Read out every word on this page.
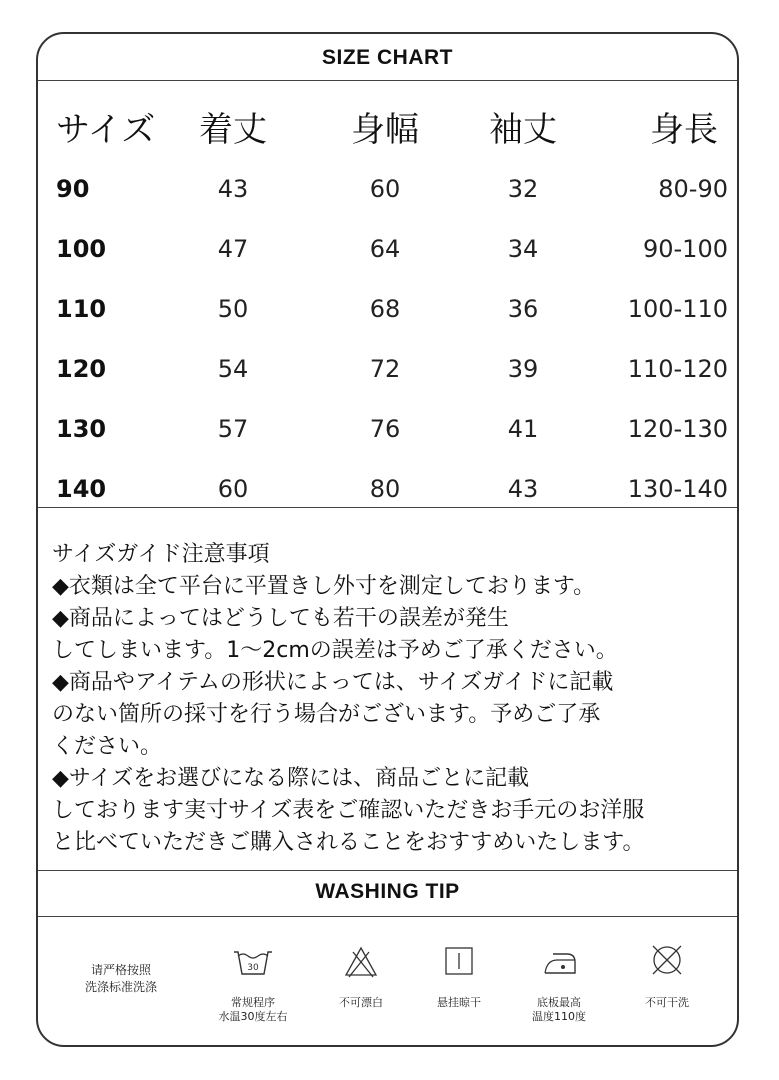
SIZE CHART
サイズ	着丈	身幅	袖丈	身長
90	43	60	32	80-90
100	47	64	34	90-100
110	50	68	36	100-110
120	54	72	39	110-120
130	57	76	41	120-130
140	60	80	43	130-140
サイズガイド注意事項
◆衣類は全て平台に平置きし外寸を測定しております。
◆商品によってはどうしても若干の誤差が発生
してしまいます。1～2cmの誤差は予めご了承ください。
◆商品やアイテムの形状によっては、サイズガイドに記載
のない箇所の採寸を行う場合がございます。予めご了承
ください。
◆サイズをお選びになる際には、商品ごとに記載
しております実寸サイズ表をご確認いただきお手元のお洋服
と比べていただきご購入されることをおすすめいたします。
WASHING TIP
请严格按照
洗涤标准洗涤
30
常规程序
水温30度左右
不可漂白	悬挂晾干	底板最高
温度110度
不可干洗
